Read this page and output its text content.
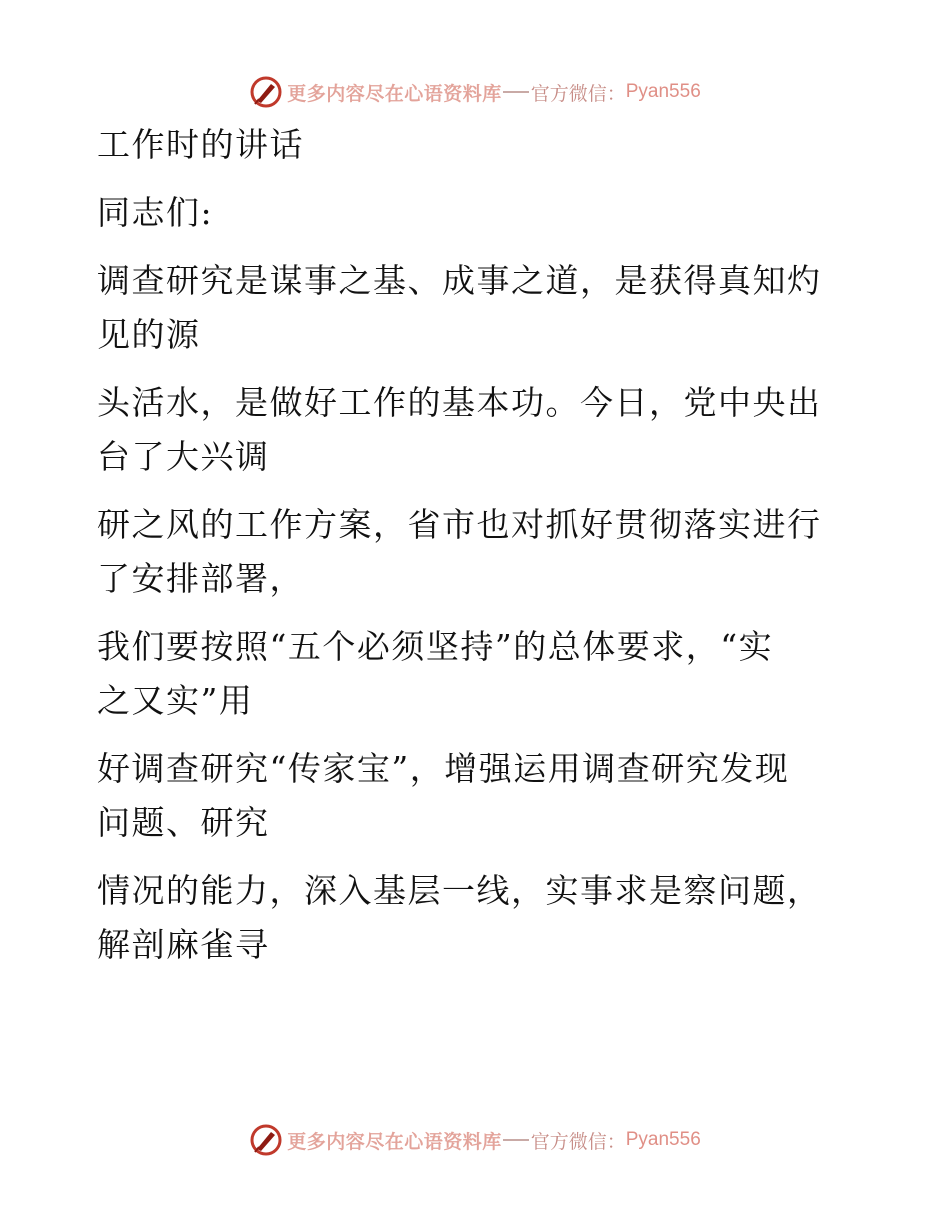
更多内容尽在心语资料库 官方微信： Pyan556
工作时的讲话
同志们:
调查研究是谋事之基、成事之道，是获得真知灼
见的源
头活水，是做好工作的基本功。今日，党中央出
台了大兴调
研之风的工作方案，省市也对抓好贯彻落实进行
了安排部署，
我们要按照“五个必须坚持”的总体要求，“实
之又实”用
好调查研究“传家宝”，增强运用调查研究发现
问题、研究
情况的能力，深入基层一线，实事求是察问题，
解剖麻雀寻
更多内容尽在心语资料库 官方微信： Pyan556
